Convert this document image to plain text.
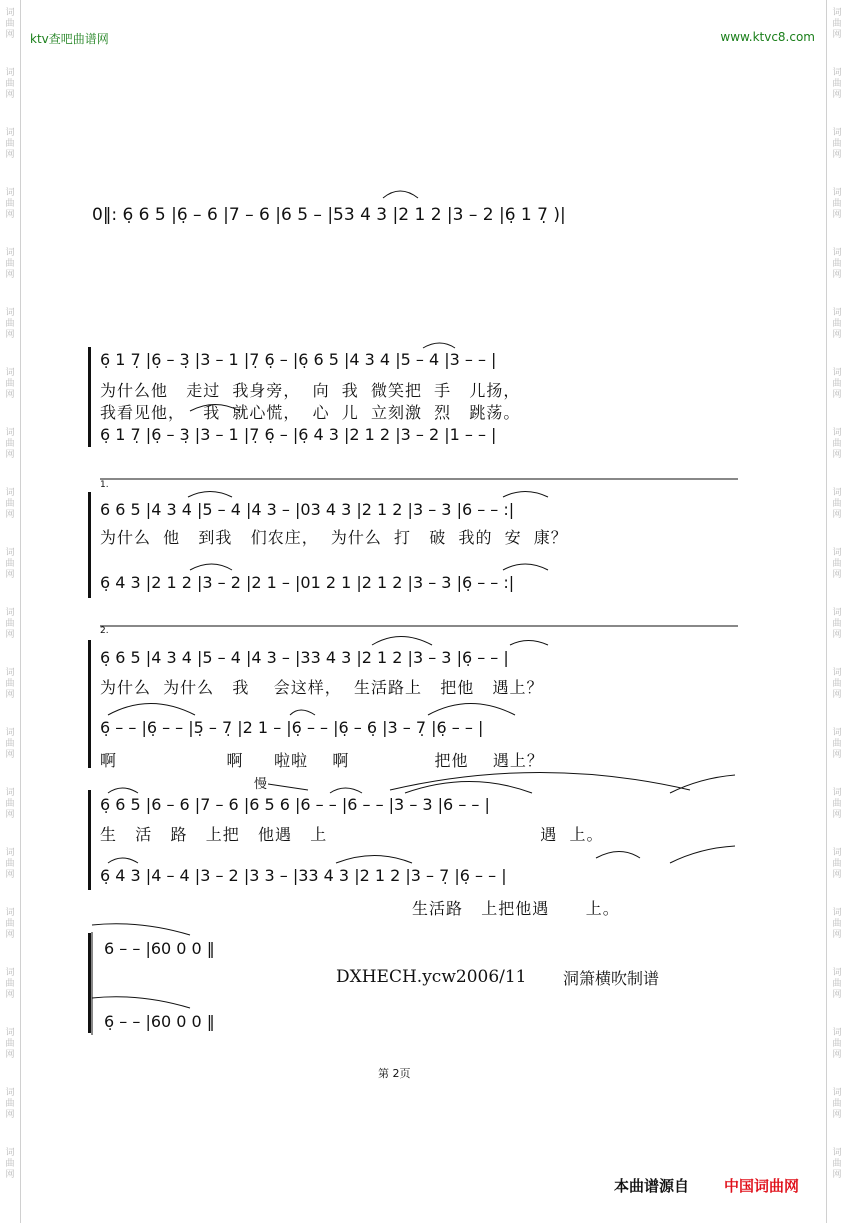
ktv查吧曲谱网	www.ktvc8.com
0‖: 6̣ 6 5 |6̣ – 6 |7 – 6 |6 5 – |53 4 3 |2 1 2 |3 – 2 |6̣ 1 7̣ )|
6̣ 1 7̣ |6̣ – 3̣ |3 – 1 |7̣ 6̣ – |6̣ 6 5 |4 3 4 |5 – 4 |3 – – |
为什么他   走过  我身旁，  向  我  微笑把  手   儿扬，
我看见他，   我  就心慌，  心  儿  立刻激  烈   跳荡。
6̣ 1 7̣ |6̣ – 3̣ |3 – 1 |7̣ 6̣ – |6̣ 4 3 |2 1 2 |3 – 2 |1 – – |
1.
6 6 5 |4 3 4 |5 – 4 |4 3 – |03 4 3 |2 1 2 |3 – 3 |6 – – :|
为什么  他   到我   们农庄，  为什么  打   破  我的  安  康？
6̣ 4 3 |2 1 2 |3 – 2 |2 1 – |01 2 1 |2 1 2 |3 – 3 |6̣ – – :|
2.
6̣ 6 5 |4 3 4 |5 – 4 |4 3 – |33 4 3 |2 1 2 |3 – 3 |6̣ – – |
为什么  为什么   我    会这样，  生活路上   把他   遇上？
6̣ – – |6̣ – – |5̣ – 7̣ |2 1 – |6̣ – – |6̣ – 6̣ |3 – 7̣ |6̣ – – |
啊                  啊     啦啦    啊              把他    遇上？
慢
6̣ 6 5 |6 – 6 |7 – 6 |6 5 6 |6 – – |6 – – |3 – 3 |6 – – |
生   活   路   上把   他遇   上                                   遇  上。
6̣ 4 3 |4 – 4 |3 – 2 |3 3 – |33 4 3 |2 1 2 |3 – 7̣ |6̣ – – |
生活路   上把他遇      上。
6 – – |60 0 0 ‖
6̣ – – |60 0 0 ‖
DXHECH.ycw2006/11 洞箫横吹制谱
第 2页
本曲谱源自 中国词曲网
词曲网
词曲网
词曲网
词曲网
词曲网
词曲网
词曲网
词曲网
词曲网
词曲网
词曲网
词曲网
词曲网
词曲网
词曲网
词曲网
词曲网
词曲网
词曲网
词曲网
词曲网
词曲网
词曲网
词曲网
词曲网
词曲网
词曲网
词曲网
词曲网
词曲网
词曲网
词曲网
词曲网
词曲网
词曲网
词曲网
词曲网
词曲网
词曲网
词曲网
